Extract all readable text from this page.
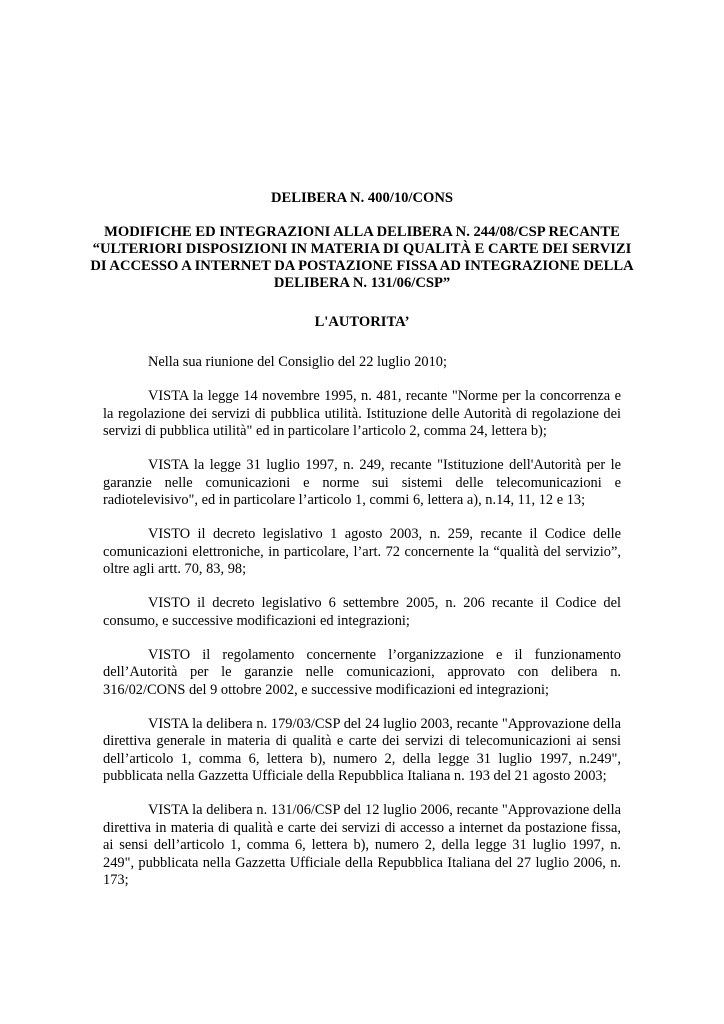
DELIBERA N. 400/10/CONS
MODIFICHE ED INTEGRAZIONI ALLA DELIBERA N. 244/08/CSP RECANTE “ULTERIORI DISPOSIZIONI IN MATERIA DI QUALITÀ E CARTE DEI SERVIZI DI ACCESSO A INTERNET DA POSTAZIONE FISSA AD INTEGRAZIONE DELLA DELIBERA N. 131/06/CSP”
L'AUTORITA’

Nella sua riunione del Consiglio del 22 luglio 2010;

VISTA la legge 14 novembre 1995, n. 481, recante "Norme per la concorrenza e la regolazione dei servizi di pubblica utilità. Istituzione delle Autorità di regolazione dei servizi di pubblica utilità" ed in particolare l’articolo 2, comma 24, lettera b);

VISTA la legge 31 luglio 1997, n. 249, recante "Istituzione dell'Autorità per le garanzie nelle comunicazioni e norme sui sistemi delle telecomunicazioni e radiotelevisivo", ed in particolare l’articolo 1, commi 6, lettera a), n.14, 11, 12 e 13;

VISTO il decreto legislativo 1 agosto 2003, n. 259, recante il Codice delle comunicazioni elettroniche, in particolare, l’art. 72 concernente la “qualità del servizio”, oltre agli artt. 70, 83, 98;

VISTO il decreto legislativo 6 settembre 2005, n. 206 recante il Codice del consumo, e successive modificazioni ed integrazioni;

VISTO il regolamento concernente l’organizzazione e il funzionamento dell’Autorità per le garanzie nelle comunicazioni, approvato con delibera n. 316/02/CONS del 9 ottobre 2002, e successive modificazioni ed integrazioni;

VISTA la delibera n. 179/03/CSP del 24 luglio 2003, recante "Approvazione della direttiva generale in materia di qualità e carte dei servizi di telecomunicazioni ai sensi dell’articolo 1, comma 6, lettera b), numero 2, della legge 31 luglio 1997, n.249", pubblicata nella Gazzetta Ufficiale della Repubblica Italiana n. 193 del 21 agosto 2003;

VISTA la delibera n. 131/06/CSP del 12 luglio 2006, recante "Approvazione della direttiva in materia di qualità e carte dei servizi di accesso a internet da postazione fissa, ai sensi dell’articolo 1, comma 6, lettera b), numero 2, della legge 31 luglio 1997, n. 249", pubblicata nella Gazzetta Ufficiale della Repubblica Italiana del 27 luglio 2006, n. 173;
